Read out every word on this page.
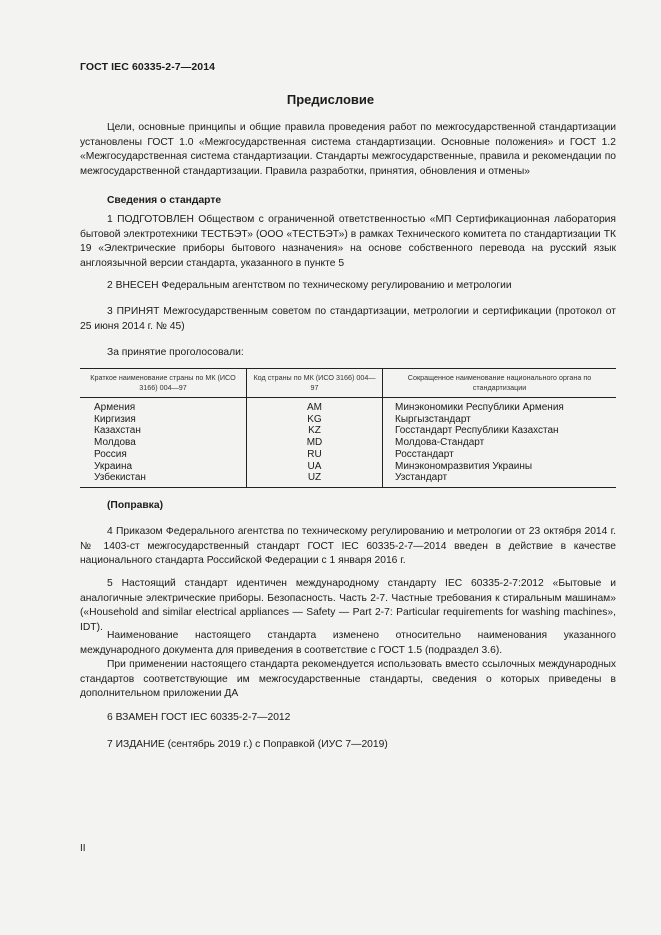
ГОСТ IEC 60335-2-7—2014
Предисловие
Цели, основные принципы и общие правила проведения работ по межгосударственной стандартизации установлены ГОСТ 1.0 «Межгосударственная система стандартизации. Основные положения» и ГОСТ 1.2 «Межгосударственная система стандартизации. Стандарты межгосударственные, правила и рекомендации по межгосударственной стандартизации. Правила разработки, принятия, обновления и отмены»
Сведения о стандарте
1 ПОДГОТОВЛЕН Обществом с ограниченной ответственностью «МП Сертификационная лаборатория бытовой электротехники ТЕСТБЭТ» (ООО «ТЕСТБЭТ») в рамках Технического комитета по стандартизации ТК 19 «Электрические приборы бытового назначения» на основе собственного перевода на русский язык англоязычной версии стандарта, указанного в пункте 5
2 ВНЕСЕН Федеральным агентством по техническому регулированию и метрологии
3 ПРИНЯТ Межгосударственным советом по стандартизации, метрологии и сертификации (протокол от 25 июня 2014 г. № 45)
За принятие проголосовали:
Краткое наименование страны по МК (ИСО 3166) 004—97	Код страны по МК (ИСО 3166) 004—97	Сокращенное наименование национального органа по стандартизации
Армения	AM	Минэкономики Республики Армения
Киргизия	KG	Кыргызстандарт
Казахстан	KZ	Госстандарт Республики Казахстан
Молдова	MD	Молдова-Стандарт
Россия	RU	Росстандарт
Украина	UA	Минэкономразвития Украины
Узбекистан	UZ	Узстандарт
(Поправка)
4 Приказом Федерального агентства по техническому регулированию и метрологии от 23 октября 2014 г. № 1403-ст межгосударственный стандарт ГОСТ IEC 60335-2-7—2014 введен в действие в качестве национального стандарта Российской Федерации с 1 января 2016 г.
5 Настоящий стандарт идентичен международному стандарту IEC 60335-2-7:2012 «Бытовые и аналогичные электрические приборы. Безопасность. Часть 2-7. Частные требования к стиральным машинам» («Household and similar electrical appliances — Safety — Part 2-7: Particular requirements for washing machines», IDT).
Наименование настоящего стандарта изменено относительно наименования указанного международного документа для приведения в соответствие с ГОСТ 1.5 (подраздел 3.6).
При применении настоящего стандарта рекомендуется использовать вместо ссылочных международных стандартов соответствующие им межгосударственные стандарты, сведения о которых приведены в дополнительном приложении ДА
6 ВЗАМЕН ГОСТ IEC 60335-2-7—2012
7 ИЗДАНИЕ (сентябрь 2019 г.) с Поправкой (ИУС 7—2019)
II
